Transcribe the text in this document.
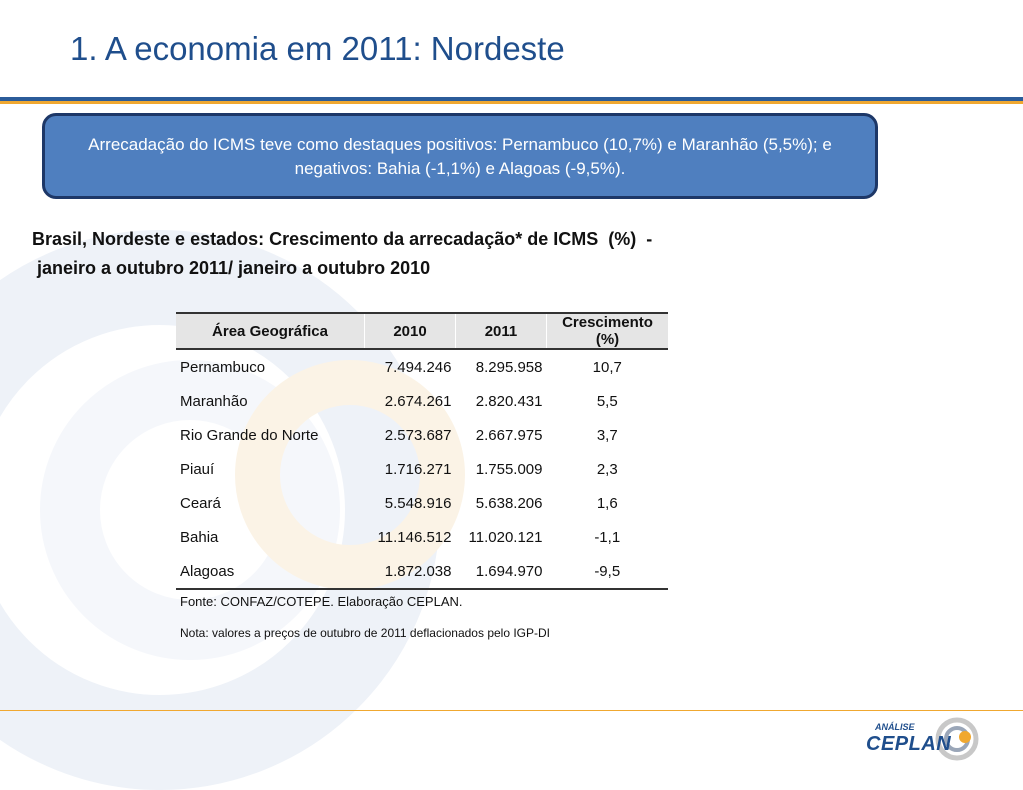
1. A economia em 2011: Nordeste
Arrecadação do ICMS teve como destaques positivos: Pernambuco (10,7%) e Maranhão (5,5%); e negativos: Bahia (-1,1%) e Alagoas (-9,5%).
Brasil, Nordeste e estados: Crescimento da arrecadação* de ICMS  (%)  -
janeiro a outubro 2011/ janeiro a outubro 2010
Área Geográfica	2010	2011	Crescimento (%)
Pernambuco	7.494.246	8.295.958	10,7
Maranhão	2.674.261	2.820.431	5,5
Rio Grande do Norte	2.573.687	2.667.975	3,7
Piauí	1.716.271	1.755.009	2,3
Ceará	5.548.916	5.638.206	1,6
Bahia	11.146.512	11.020.121	-1,1
Alagoas	1.872.038	1.694.970	-9,5
Fonte: CONFAZ/COTEPE. Elaboração CEPLAN.
Nota: valores a preços de outubro de 2011 deflacionados pelo IGP-DI
ANÁLISE
CEPLAN
